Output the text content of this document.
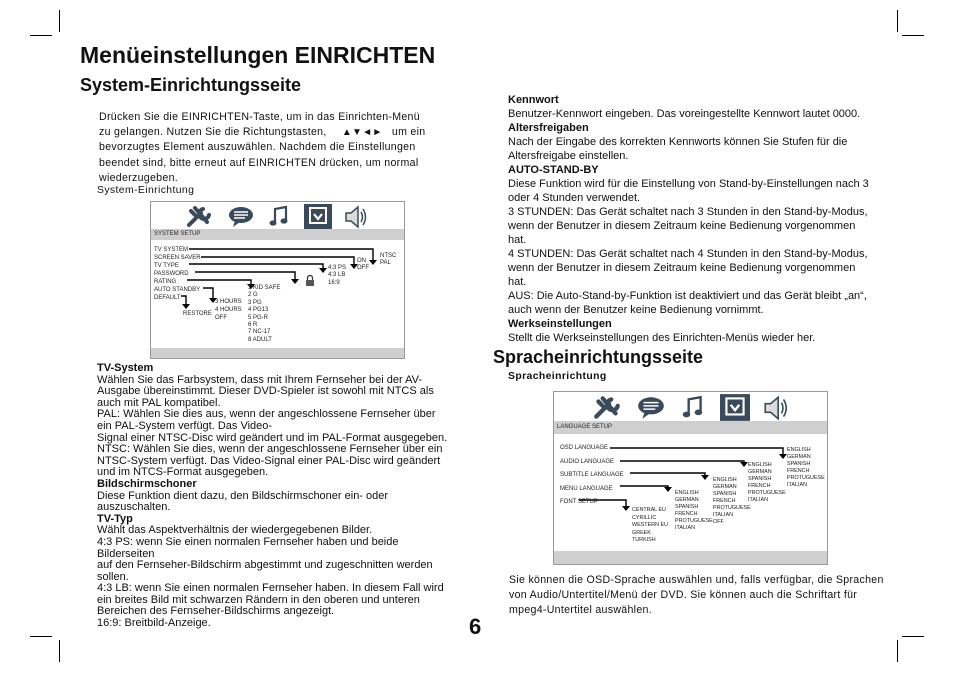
Menüeinstellungen EINRICHTEN
System-Einrichtungsseite
Drücken Sie die EINRICHTEN-Taste, um in das Einrichten-Menü
zu gelangen. Nutzen Sie die Richtungstasten, ▲▼◄► um ein
bevorzugtes Element auszuwählen. Nachdem die Einstellungen beendet sind, bitte erneut auf EINRICHTEN drücken, um normal wiederzugeben.
System-Einrichtung
SYSTEM SETUP
TV SYSTEM
SCREEN SAVER
TV TYPE
PASSWORD
RATING
AUTO STANDBY
DEFAULT
NTSC
PAL
ON
OFF
4:3 PS
4:3 LB
16:9
----
1 KID SAFE
2 G
3 PG
4 PG13
5 PG-R
6 R
7 NC-17
8 ADULT
3 HOURS
4 HOURS
OFF
RESTORE

TV-System

Wählen Sie das Farbsystem, dass mit Ihrem Fernseher bei der AV-

Ausgabe übereinstimmt. Dieser DVD-Spieler ist sowohl mit NTCS als

auch mit PAL kompatibel.

PAL: Wählen Sie dies aus, wenn der angeschlossene Fernseher über

ein PAL-System verfügt. Das Video-

Signal einer NTSC-Disc wird geändert und im PAL-Format ausgegeben.

NTSC: Wählen Sie dies, wenn der angeschlossene Fernseher über ein

NTSC-System verfügt. Das Video-Signal einer PAL-Disc wird geändert

und im NTCS-Format ausgegeben.

Bildschirmschoner

Diese Funktion dient dazu, den Bildschirmschoner ein- oder

auszuschalten.

TV-Typ

Wählt das Aspektverhältnis der wiedergegebenen Bilder.

4:3 PS: wenn Sie einen normalen Fernseher haben und beide

Bilderseiten

auf den Fernseher-Bildschirm abgestimmt und zugeschnitten werden

sollen.

4:3 LB: wenn Sie einen normalen Fernseher haben. In diesem Fall wird

ein breites Bild mit schwarzen Rändern in den oberen und unteren

Bereichen des Fernseher-Bildschirms angezeigt.

16:9: Breitbild-Anzeige.

Kennwort

Benutzer-Kennwort eingeben. Das voreingestellte Kennwort lautet 0000.

Altersfreigaben

Nach der Eingabe des korrekten Kennworts können Sie Stufen für die

Altersfreigabe einstellen.

AUTO-STAND-BY

Diese Funktion wird für die Einstellung von Stand-by-Einstellungen nach 3

oder 4 Stunden verwendet.

3 STUNDEN: Das Gerät schaltet nach 3 Stunden in den Stand-by-Modus,

wenn der Benutzer in diesem Zeitraum keine Bedienung vorgenommen

hat.

4 STUNDEN: Das Gerät schaltet nach 4 Stunden in den Stand-by-Modus,

wenn der Benutzer in diesem Zeitraum keine Bedienung vorgenommen

hat.

AUS: Die Auto-Stand-by-Funktion ist deaktiviert und das Gerät bleibt „an“,

auch wenn der Benutzer keine Bedienung vornimmt.

Werkseinstellungen

Stellt die Werkseinstellungen des Einrichten-Menüs wieder her.

Spracheinrichtungsseite
Spracheinrichtung
LANGUAGE SETUP
OSD LANGUAGE
AUDIO LANGUAGE
SUBTITLE LANGUAGE
MENU LANGUAGE
FONT SETUP
ENGLISH
GERMAN
SPANISH
FRENCH
PROTUGUESE
ITALIAN
ENGLISH
GERMAN
SPANISH
FRENCH
PROTUGUESE
ITALIAN
ENGLISH
GERMAN
SPANISH
FRENCH
PROTUGUESE
ITALIAN
OFF
ENGLISH
GERMAN
SPANISH
FRENCH
PROTUGUESE
ITALIAN
CENTRAL EU
CYRILLIC
WESTERN EU
GREEK
TURKISH
Sie können die OSD-Sprache auswählen und, falls verfügbar, die Sprachen von Audio/Untertitel/Menü der DVD. Sie können auch die Schriftart für mpeg4-Untertitel auswählen.
6
